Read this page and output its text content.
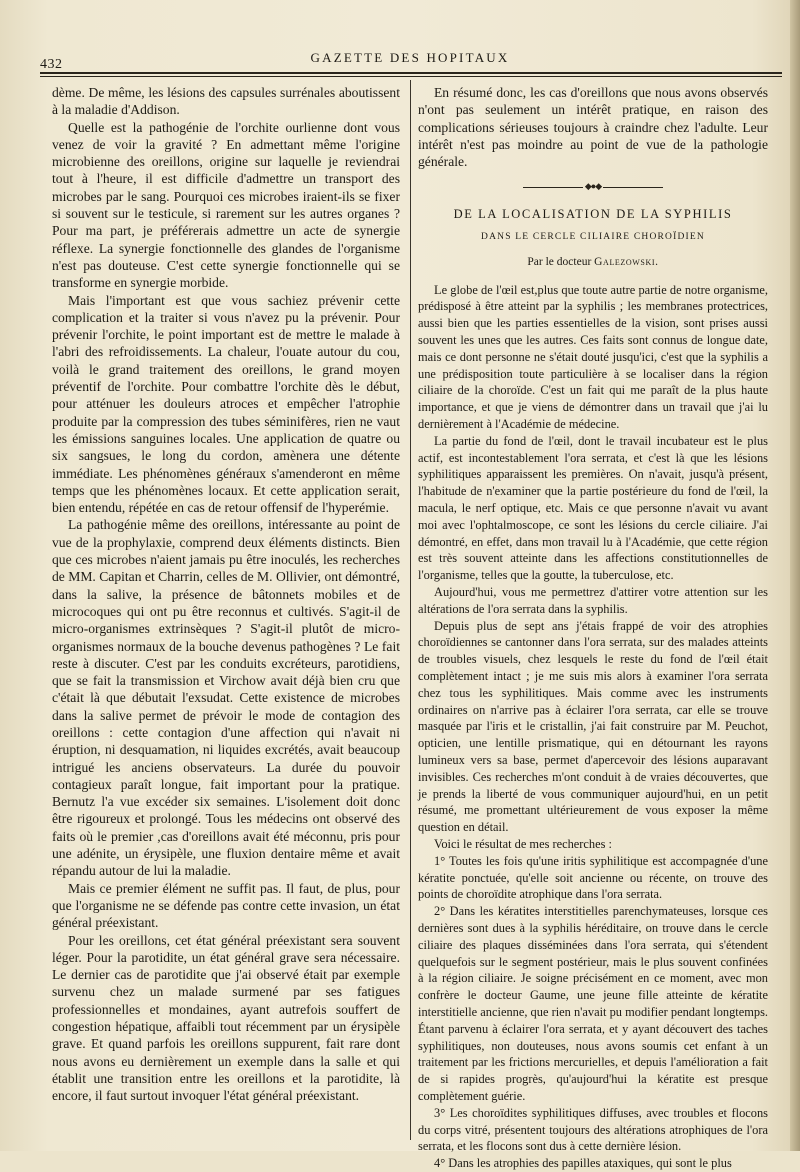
432	GAZETTE DES HOPITAUX

dème. De même, les lésions des capsules surrénales aboutissent à la maladie d'Addison.

Quelle est la pathogénie de l'orchite ourlienne dont vous venez de voir la gravité ? En admettant même l'origine microbienne des oreillons, origine sur laquelle je reviendrai tout à l'heure, il est difficile d'admettre un transport des microbes par le sang. Pourquoi ces microbes iraient-ils se fixer si souvent sur le testicule, si rarement sur les autres organes ? Pour ma part, je préférerais admettre un acte de synergie réflexe. La synergie fonctionnelle des glandes de l'organisme n'est pas douteuse. C'est cette synergie fonctionnelle qui se transforme en synergie morbide.

Mais l'important est que vous sachiez prévenir cette complication et la traiter si vous n'avez pu la prévenir. Pour prévenir l'orchite, le point important est de mettre le malade à l'abri des refroidissements. La chaleur, l'ouate autour du cou, voilà le grand traitement des oreillons, le grand moyen préventif de l'orchite. Pour combattre l'orchite dès le début, pour atténuer les douleurs atroces et empêcher l'atrophie produite par la compression des tubes séminifères, rien ne vaut les émissions sanguines locales. Une application de quatre ou six sangsues, le long du cordon, amènera une détente immédiate. Les phénomènes généraux s'amenderont en même temps que les phénomènes locaux. Et cette application serait, bien entendu, répétée en cas de retour offensif de l'hyperémie.

La pathogénie même des oreillons, intéressante au point de vue de la prophylaxie, comprend deux éléments distincts. Bien que ces microbes n'aient jamais pu être inoculés, les recherches de MM. Capitan et Charrin, celles de M. Ollivier, ont démontré, dans la salive, la présence de bâtonnets mobiles et de microcoques qui ont pu être reconnus et cultivés. S'agit-il de micro-organismes extrinsèques ? S'agit-il plutôt de micro-organismes normaux de la bouche devenus pathogènes ? Le fait reste à discuter. C'est par les conduits excréteurs, parotidiens, que se fait la transmission et Virchow avait déjà bien cru que c'était là que débutait l'exsudat. Cette existence de microbes dans la salive permet de prévoir le mode de contagion des oreillons : cette contagion d'une affection qui n'avait ni éruption, ni desquamation, ni liquides excrétés, avait beaucoup intrigué les anciens observateurs. La durée du pouvoir contagieux paraît longue, fait important pour la pratique. Bernutz l'a vue excéder six semaines. L'isolement doit donc être rigoureux et prolongé. Tous les médecins ont observé des faits où le premier ,cas d'oreillons avait été méconnu, pris pour une adénite, un érysipèle, une fluxion dentaire même et avait répandu autour de lui la maladie.

Mais ce premier élément ne suffit pas. Il faut, de plus, pour que l'organisme ne se défende pas contre cette invasion, un état général préexistant.

Pour les oreillons, cet état général préexistant sera souvent léger. Pour la parotidite, un état général grave sera nécessaire. Le dernier cas de parotidite que j'ai observé était par exemple survenu chez un malade surmené par ses fatigues professionnelles et mondaines, ayant autrefois souffert de congestion hépatique, affaibli tout récemment par un érysipèle grave. Et quand parfois les oreillons suppurent, fait rare dont nous avons eu dernièrement un exemple dans la salle et qui établit une transition entre les oreillons et la parotidite, là encore, il faut surtout invoquer l'état général préexistant.

En résumé donc, les cas d'oreillons que nous avons observés n'ont pas seulement un intérêt pratique, en raison des complications sérieuses toujours à craindre chez l'adulte. Leur intérêt n'est pas moindre au point de vue de la pathologie générale.

◆●◆
DE LA LOCALISATION DE LA SYPHILIS
DANS LE CERCLE CILIAIRE CHOROÏDIEN
Par le docteur Galezowski.

Le globe de l'œil est,plus que toute autre partie de notre organisme, prédisposé à être atteint par la syphilis ; les membranes protectrices, aussi bien que les parties essentielles de la vision, sont prises aussi souvent les unes que les autres. Ces faits sont connus de longue date, mais ce dont personne ne s'était douté jusqu'ici, c'est que la syphilis a une prédisposition toute particulière à se localiser dans la région ciliaire de la choroïde. C'est un fait qui me paraît de la plus haute importance, et que je viens de démontrer dans un travail que j'ai lu dernièrement à l'Académie de médecine.

La partie du fond de l'œil, dont le travail incubateur est le plus actif, est incontestablement l'ora serrata, et c'est là que les lésions syphilitiques apparaissent les premières. On n'avait, jusqu'à présent, l'habitude de n'examiner que la partie postérieure du fond de l'œil, la macula, le nerf optique, etc. Mais ce que personne n'avait vu avant moi avec l'ophtalmoscope, ce sont les lésions du cercle ciliaire. J'ai démontré, en effet, dans mon travail lu à l'Académie, que cette région est très souvent atteinte dans les affections constitutionnelles de l'organisme, telles que la goutte, la tuberculose, etc.

Aujourd'hui, vous me permettrez d'attirer votre attention sur les altérations de l'ora serrata dans la syphilis.

Depuis plus de sept ans j'étais frappé de voir des atrophies choroïdiennes se cantonner dans l'ora serrata, sur des malades atteints de troubles visuels, chez lesquels le reste du fond de l'œil était complètement intact ; je me suis mis alors à examiner l'ora serrata chez tous les syphilitiques. Mais comme avec les instruments ordinaires on n'arrive pas à éclairer l'ora serrata, car elle se trouve masquée par l'iris et le cristallin, j'ai fait construire par M. Peuchot, opticien, une lentille prismatique, qui en détournant les rayons lumineux vers sa base, permet d'apercevoir des lésions auparavant invisibles. Ces recherches m'ont conduit à de vraies découvertes, que je prends la liberté de vous communiquer aujourd'hui, en un petit résumé, me promettant ultérieurement de vous exposer la même question en détail.

Voici le résultat de mes recherches :

1° Toutes les fois qu'une iritis syphilitique est accompagnée d'une kératite ponctuée, qu'elle soit ancienne ou récente, on trouve des points de choroïdite atrophique dans l'ora serrata.

2° Dans les kératites interstitielles parenchymateuses, lorsque ces dernières sont dues à la syphilis héréditaire, on trouve dans le cercle ciliaire des plaques disséminées dans l'ora serrata, qui s'étendent quelquefois sur le segment postérieur, mais le plus souvent confinées à la région ciliaire. Je soigne précisément en ce moment, avec mon confrère le docteur Gaume, une jeune fille atteinte de kératite interstitielle ancienne, que rien n'avait pu modifier pendant longtemps. Étant parvenu à éclairer l'ora serrata, et y ayant découvert des taches syphilitiques, non douteuses, nous avons soumis cet enfant à un traitement par les frictions mercurielles, et depuis l'amélioration a fait de si rapides progrès, qu'aujourd'hui la kératite est presque complètement guérie.

3° Les choroïdites syphilitiques diffuses, avec troubles et flocons du corps vitré, présentent toujours des altérations atrophiques de l'ora serrata, et les flocons sont dus à cette dernière lésion.

4° Dans les atrophies des papilles ataxiques, qui sont le plus
